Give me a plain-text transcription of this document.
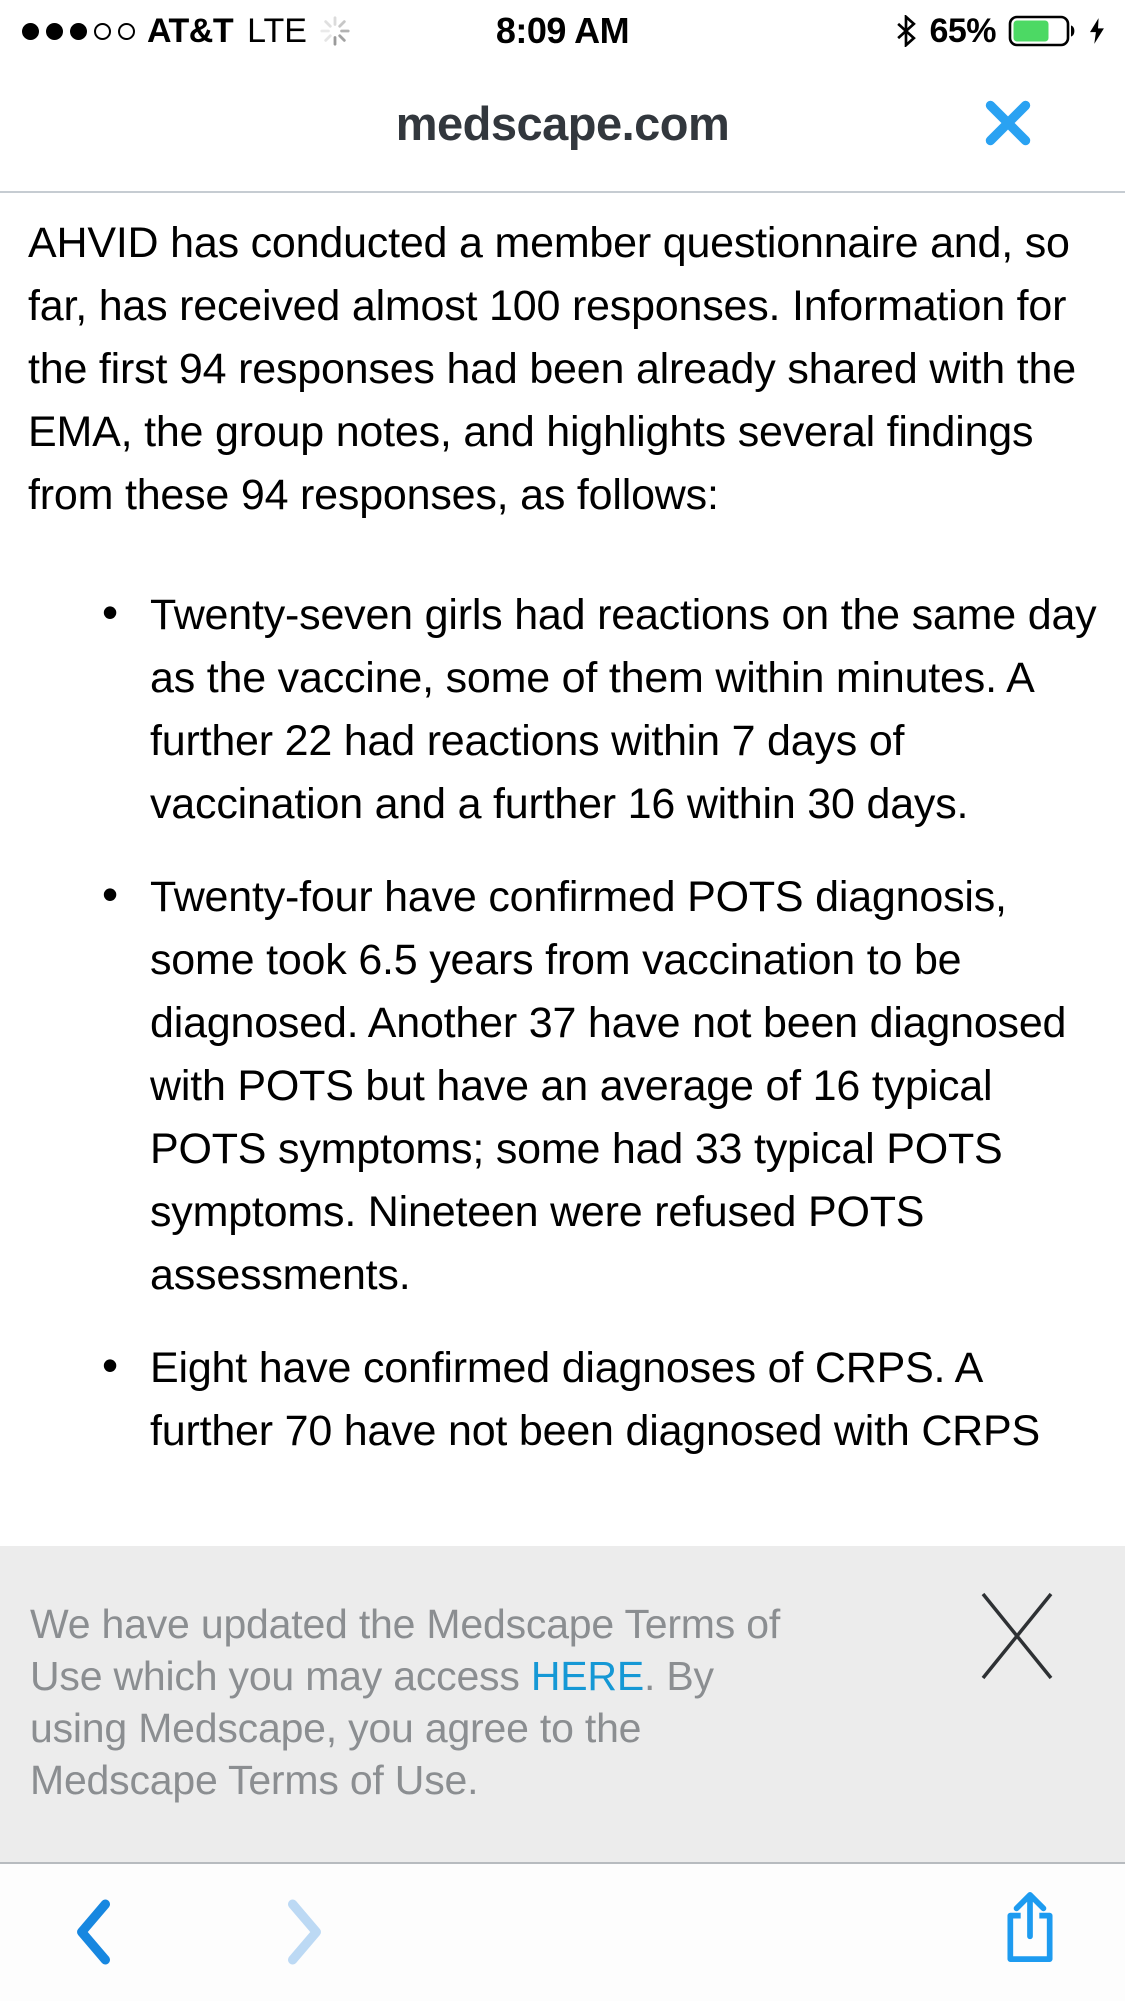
AT&T LTE	8:09 AM	65%
medscape.com

AHVID has conducted a member questionnaire and, so far, has received almost 100 responses. Information for the first 94 responses had been already shared with the EMA, the group notes, and highlights several findings from these 94 responses, as follows:

• Twenty-seven girls had reactions on the same day as the vaccine, some of them within minutes. A further 22 had reactions within 7 days of vaccination and a further 16 within 30 days.
• Twenty-four have confirmed POTS diagnosis, some took 6.5 years from vaccination to be diagnosed. Another 37 have not been diagnosed with POTS but have an average of 16 typical POTS symptoms; some had 33 typical POTS symptoms. Nineteen were refused POTS assessments.
• Eight have confirmed diagnoses of CRPS. A further 70 have not been diagnosed with CRPS

We have updated the Medscape Terms of Use which you may access HERE. By using Medscape, you agree to the Medscape Terms of Use.
